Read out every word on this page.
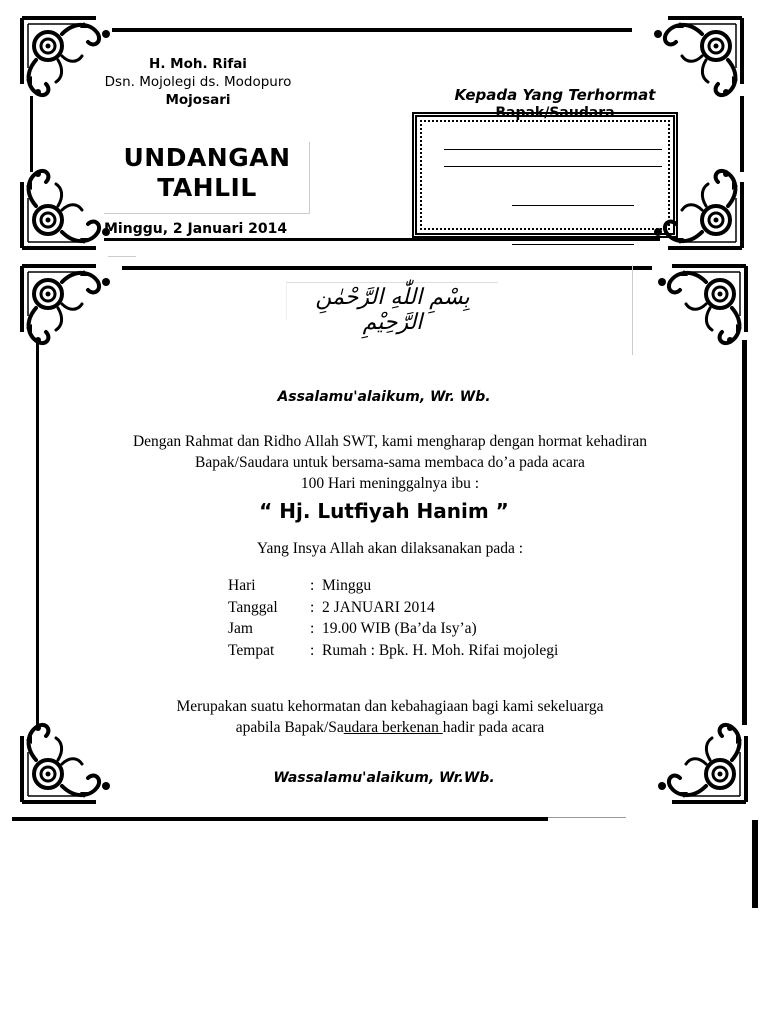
H. Moh. Rifai
Dsn. Mojolegi ds. Modopuro
Mojosari
UNDANGAN
TAHLIL
Minggu, 2 Januari 2014
Kepada Yang Terhormat
Bapak/Saudara
بِسْمِ اللّٰهِ الرَّحْمٰنِ الرَّحِيْمِ
Assalamu'alaikum, Wr. Wb.
Dengan Rahmat dan Ridho Allah SWT, kami mengharap dengan hormat kehadiran
Bapak/Saudara untuk bersama-sama membaca do’a pada acara
100 Hari meninggalnya ibu :
“ Hj. Lutfiyah Hanim ”
Yang Insya Allah akan dilaksanakan pada :
Hari	: Minggu
Tanggal	: 2 JANUARI 2014
Jam	: 19.00 WIB (Ba’da Isy’a)
Tempat	: Rumah : Bpk. H. Moh. Rifai mojolegi
Merupakan suatu kehormatan dan kebahagiaan bagi kami sekeluarga
apabila Bapak/Saudara berkenan hadir pada acara
Wassalamu'alaikum, Wr.Wb.
